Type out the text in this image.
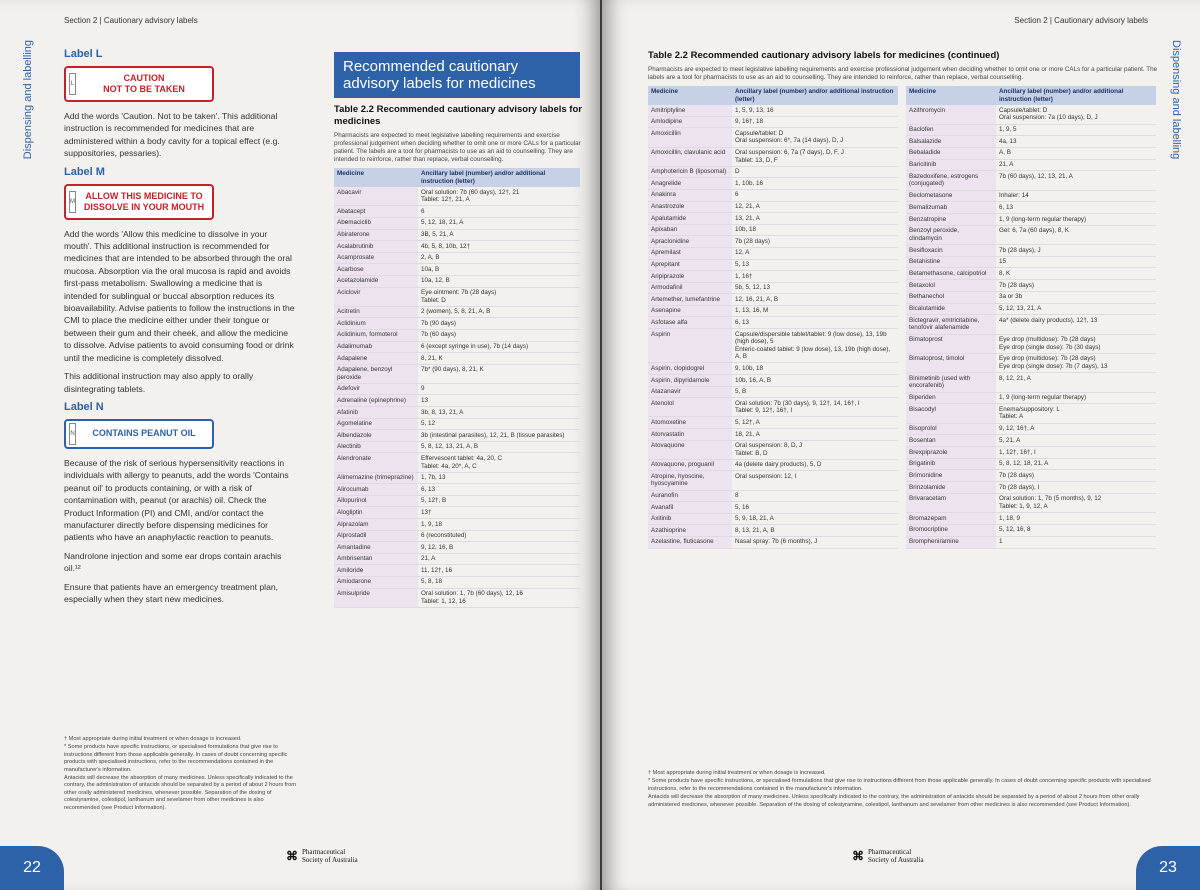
Section 2 | Cautionary advisory labels
Dispensing and labelling	Label L
L
CAUTION
NOT TO BE TAKEN

Add the words 'Caution. Not to be taken'. This additional instruction is recommended for medicines that are administered within a body cavity for a topical effect (e.g. suppositories, pessaries).

Label M
M
ALLOW THIS MEDICINE TO
DISSOLVE IN YOUR MOUTH

Add the words 'Allow this medicine to dissolve in your mouth'. This additional instruction is recommended for medicines that are intended to be absorbed through the oral mucosa. Absorption via the oral mucosa is rapid and avoids first-pass metabolism. Swallowing a medicine that is intended for sublingual or buccal absorption reduces its bioavailability. Advise patients to follow the instructions in the CMI to place the medicine either under their tongue or between their gum and their cheek, and allow the medicine to dissolve. Advise patients to avoid consuming food or drink until the medicine is completely dissolved.

This additional instruction may also apply to orally disintegrating tablets.

Label N
N	CONTAINS PEANUT OIL

Because of the risk of serious hypersensitivity reactions in individuals with allergy to peanuts, add the words 'Contains peanut oil' to products containing, or with a risk of contamination with, peanut (or arachis) oil. Check the Product Information (PI) and CMI, and/or contact the manufacturer directly before dispensing medicines for patients who have an anaphylactic reaction to peanuts.

Nandrolone injection and some ear drops contain arachis oil.¹²

Ensure that patients have an emergency treatment plan, especially when they start new medicines.

† Most appropriate during initial treatment or when dosage is increased.

* Some products have specific instructions, or specialised formulations that give rise to instructions different from those applicable generally. In cases of doubt concerning specific products with specialised instructions, refer to the recommendations contained in the manufacturer's information.

Antacids will decrease the absorption of many medicines. Unless specifically indicated to the contrary, the administration of antacids should be separated by a period of about 2 hours from other orally administered medicines, whenever possible. Separation of the dosing of colestyramine, colestipol, lanthanum and sevelamer from other medicines is also recommended (see Product Information).

Recommended cautionary advisory labels for medicines
Table 2.2 Recommended cautionary advisory labels for medicines
Pharmacists are expected to meet legislative labelling requirements and exercise professional judgement when deciding whether to omit one or more CALs for a particular patient. The labels are a tool for pharmacists to use as an aid to counselling. They are intended to reinforce, rather than replace, verbal counselling.
Medicine	Ancillary label (number) and/or additional instruction (letter)
Abacavir	Oral solution: 7b (60 days), 12†, 21
Tablet: 12†, 21, A
Abatacept	6
Abemaciclib	5, 12, 18, 21, A
Abiraterone	3B, 5, 21, A
Acalabrutinib	4b, 5, 8, 10b, 12†
Acamprosate	2, A, B
Acarbose	10a, B
Acetazolamide	10a, 12, B
Aciclovir	Eye ointment: 7b (28 days)
Tablet: D
Acitretin	2 (women), 5, 8, 21, A, B
Aclidinium	7b (90 days)
Aclidinium, formoterol	7b (60 days)
Adalimumab	6 (except syringe in use), 7b (14 days)
Adapalene	8, 21, K
Adapalene, benzoyl peroxide	7b* (90 days), 8, 21, K
Adefovir	9
Adrenaline (epinephrine)	13
Afatinib	3b, 8, 13, 21, A
Agomelatine	5, 12
Albendazole	3b (intestinal parasites), 12, 21, B (tissue parasites)
Alectinib	5, 8, 12, 13, 21, A, B
Alendronate	Effervescent tablet: 4a, 20, C
Tablet: 4a, 20*, A, C
Alimemazine (trimeprazine)	1, 7b, 13
Alirocumab	6, 13
Allopurinol	5, 12†, B
Alogliptin	13†
Alprazolam	1, 9, 18
Alprostadil	6 (reconstituted)
Amantadine	9, 12, 16, B
Ambrisentan	21, A
Amiloride	11, 12†, 16
Amiodarone	5, 8, 18
Amisulpride	Oral solution: 1, 7b (60 days), 12, 16
Tablet: 1, 12, 16
⌘ Pharmaceutical
Society of Australia
22
Section 2 | Cautionary advisory labels
Dispensing and labelling
Table 2.2 Recommended cautionary advisory labels for medicines (continued)
Pharmacists are expected to meet legislative labelling requirements and exercise professional judgement when deciding whether to omit one or more CALs for a particular patient. The labels are a tool for pharmacists to use as an aid to counselling. They are intended to reinforce, rather than replace, verbal counselling.
Medicine	Ancillary label (number) and/or additional instruction (letter)
Amitriptyline	1, 5, 9, 13, 16
Amlodipine	9, 16†, 18
Amoxicillin	Capsule/tablet: D
Oral suspension: 6*, 7a (14 days), D, J
Amoxicillin, clavulanic acid	Oral suspension: 6, 7a (7 days), D, F, J
Tablet: 13, D, F
Amphotericin B (liposomal)	D
Anagrelide	1, 10b, 16
Anakinra	6
Anastrozole	12, 21, A
Apalutamide	13, 21, A
Apixaban	10b, 18
Apraclonidine	7b (28 days)
Apremilast	12, A
Aprepitant	5, 13
Aripiprazole	1, 16†
Armodafinil	5b, 5, 12, 13
Artemether, lumefantrine	12, 16, 21, A, B
Asenapine	1, 13, 16, M
Asfotase alfa	6, 13
Aspirin	Capsule/dispersible tablet/tablet: 9 (low dose), 13, 19b (high dose), 5
Enteric-coated tablet: 9 (low dose), 13, 19b (high dose), A, B
Aspirin, clopidogrel	9, 10b, 18
Aspirin, dipyridamole	10b, 16, A, B
Atazanavir	5, B
Atenolol	Oral solution: 7b (30 days), 9, 12†, 14, 16†, I
Tablet: 9, 12†, 16†, I
Atomoxetine	5, 12†, A
Atorvastatin	18, 21, A
Atovaquone	Oral suspension: 8, D, J
Tablet: B, D
Atovaquone, proguanil	4a (delete dairy products), 5, D
Atropine, hyoscine, hyoscyamine	Oral suspension: 12, I
Auranofin	8
Avanafil	5, 16
Axitinib	5, 9, 18, 21, A
Azathioprine	8, 13, 21, A, B
Azelastine, fluticasone	Nasal spray: 7b (6 months), J
Medicine	Ancillary label (number) and/or additional instruction (letter)
Azithromycin	Capsule/tablet: D
Oral suspension: 7a (10 days), D, J
Baclofen	1, 9, 5
Balsalazide	4a, 13
Bebaladide	A, B
Baricitinib	21, A
Bazedoxifene, estrogens (conjugated)	7b (60 days), 12, 13, 21, A
Beclometasone	Inhaler: 14
Bemalizumab	6, 13
Benzatropine	1, 9 (long-term regular therapy)
Benzoyl peroxide, clindamycin	Gel: 6, 7a (60 days), 8, K
Besifloxacin	7b (28 days), J
Betahistine	15
Betamethasone, calcipotriol	8, K
Betaxolol	7b (28 days)
Bethanechol	3a or 3b
Bicalutamide	5, 12, 13, 21, A
Bictegravir, emtricitabine, tenofovir alafenamide	4a* (delete dairy products), 12†, 13
Bimatoprost	Eye drop (multidose): 7b (28 days)
Eye drop (single dose): 7b (30 days)
Bimatoprost, timolol	Eye drop (multidose): 7b (28 days)
Eye drop (single dose): 7b (7 days), 13
Binimetinib (used with encorafenib)	8, 12, 21, A
Biperiden	1, 9 (long-term regular therapy)
Bisacodyl	Enema/suppository: L
Tablet: A
Bisoprolol	9, 12, 16†, A
Bosentan	5, 21, A
Brexpiprazole	1, 12†, 16†, I
Brigatinib	5, 8, 12, 18, 21, A
Brimonidine	7b (28 days)
Brinzolamide	7b (28 days), I
Brivaracetam	Oral solution: 1, 7b (5 months), 9, 12
Tablet: 1, 9, 12, A
Bromazepam	1, 18, 9
Bromocriptine	5, 12, 16, 8
Brompheniramine	1

† Most appropriate during initial treatment or when dosage is increased.

* Some products have specific instructions, or specialised formulations that give rise to instructions different from those applicable generally. In cases of doubt concerning specific products with specialised instructions, refer to the recommendations contained in the manufacturer's information.

Antacids will decrease the absorption of many medicines. Unless specifically indicated to the contrary, the administration of antacids should be separated by a period of about 2 hours from other orally administered medicines, whenever possible. Separation of the dosing of colestyramine, colestipol, lanthanum and sevelamer from other medicines is also recommended (see Product Information).

⌘ Pharmaceutical
Society of Australia	23
